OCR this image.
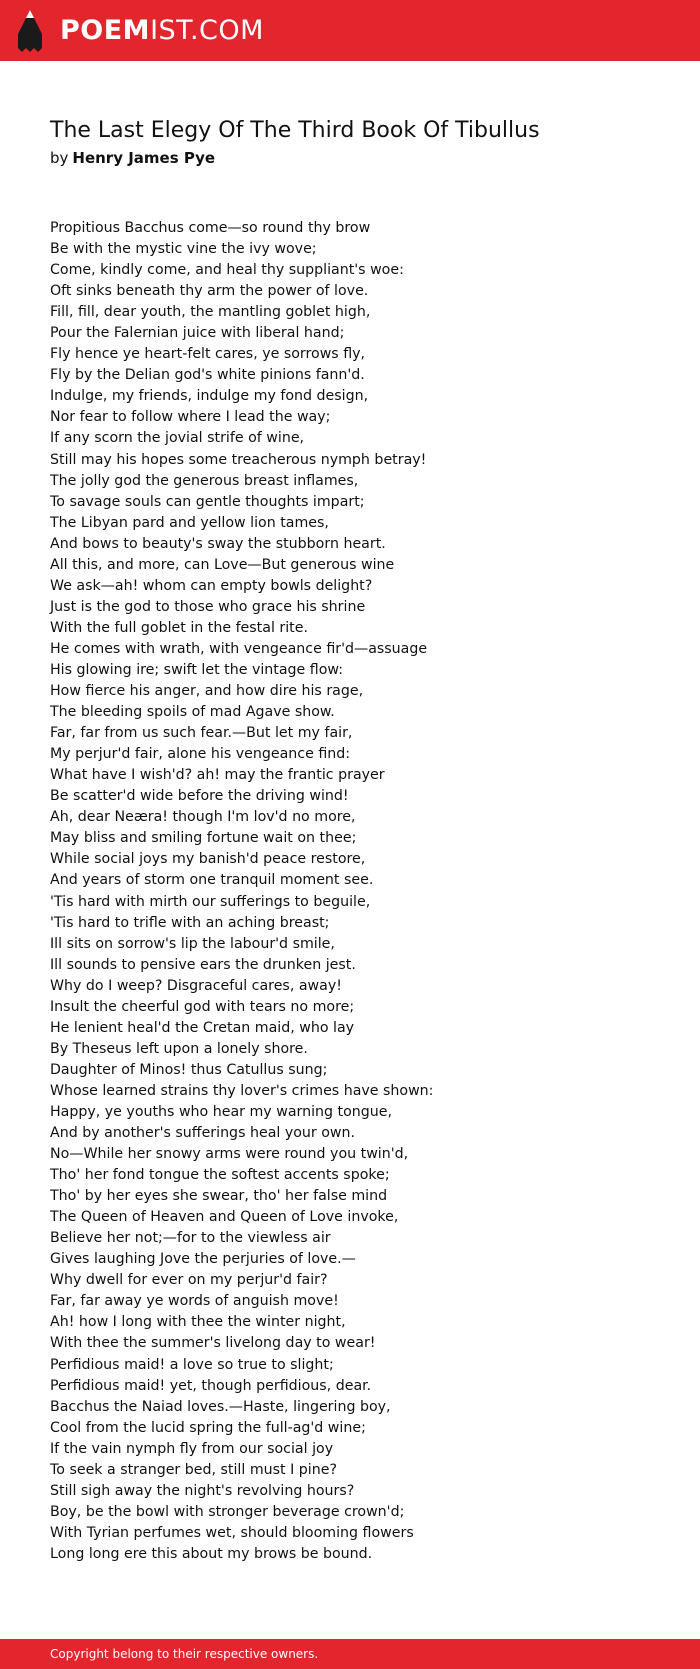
POEMIST.COM
The Last Elegy Of The Third Book Of Tibullus
by Henry James Pye
Propitious Bacchus come—so round thy brow
Be with the mystic vine the ivy wove;
Come, kindly come, and heal thy suppliant's woe:
Oft sinks beneath thy arm the power of love.
Fill, fill, dear youth, the mantling goblet high,
Pour the Falernian juice with liberal hand;
Fly hence ye heart-felt cares, ye sorrows fly,
Fly by the Delian god's white pinions fann'd.
Indulge, my friends, indulge my fond design,
Nor fear to follow where I lead the way;
If any scorn the jovial strife of wine,
Still may his hopes some treacherous nymph betray!
The jolly god the generous breast inflames,
To savage souls can gentle thoughts impart;
The Libyan pard and yellow lion tames,
And bows to beauty's sway the stubborn heart.
All this, and more, can Love—But generous wine
We ask—ah! whom can empty bowls delight?
Just is the god to those who grace his shrine
With the full goblet in the festal rite.
He comes with wrath, with vengeance fir'd—assuage
His glowing ire; swift let the vintage flow:
How fierce his anger, and how dire his rage,
The bleeding spoils of mad Agave show.
Far, far from us such fear.—But let my fair,
My perjur'd fair, alone his vengeance find:
What have I wish'd? ah! may the frantic prayer
Be scatter'd wide before the driving wind!
Ah, dear Neæra! though I'm lov'd no more,
May bliss and smiling fortune wait on thee;
While social joys my banish'd peace restore,
And years of storm one tranquil moment see.
'Tis hard with mirth our sufferings to beguile,
'Tis hard to trifle with an aching breast;
Ill sits on sorrow's lip the labour'd smile,
Ill sounds to pensive ears the drunken jest.
Why do I weep? Disgraceful cares, away!
Insult the cheerful god with tears no more;
He lenient heal'd the Cretan maid, who lay
By Theseus left upon a lonely shore.
Daughter of Minos! thus Catullus sung;
Whose learned strains thy lover's crimes have shown:
Happy, ye youths who hear my warning tongue,
And by another's sufferings heal your own.
No—While her snowy arms were round you twin'd,
Tho' her fond tongue the softest accents spoke;
Tho' by her eyes she swear, tho' her false mind
The Queen of Heaven and Queen of Love invoke,
Believe her not;—for to the viewless air
Gives laughing Jove the perjuries of love.—
Why dwell for ever on my perjur'd fair?
Far, far away ye words of anguish move!
Ah! how I long with thee the winter night,
With thee the summer's livelong day to wear!
Perfidious maid! a love so true to slight;
Perfidious maid! yet, though perfidious, dear.
Bacchus the Naiad loves.—Haste, lingering boy,
Cool from the lucid spring the full-ag'd wine;
If the vain nymph fly from our social joy
To seek a stranger bed, still must I pine?
Still sigh away the night's revolving hours?
Boy, be the bowl with stronger beverage crown'd;
With Tyrian perfumes wet, should blooming flowers
Long long ere this about my brows be bound.
Copyright belong to their respective owners.
